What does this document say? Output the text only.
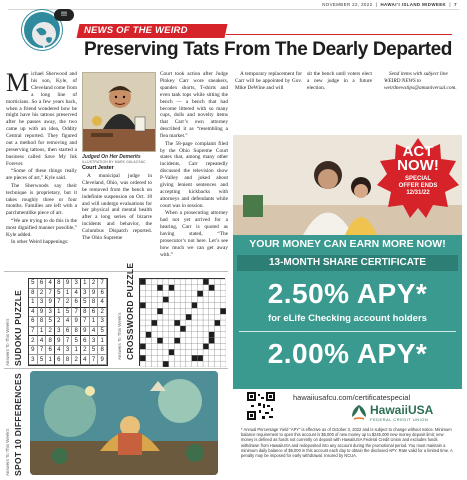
NOVEMBER 22, 2022  |  HAWAI‘I ISLAND MIDWEEK  |  7
!!!
NEWS OF THE WEIRD
Preserving Tats From The Dearly Departed

Michael Sherwood and his son, Kyle, of Cleveland come from a long line of morticians. So a few years back, when a friend wondered how he might have his tattoos preserved after he passes away, the two came up with an idea, Oddity Central reported. They figured out a method for removing and preserving tattoos, then started a business called Save My Ink Forever.

“Some of these things really are pieces of art,” Kyle said.

The Sherwoods say their technique is proprietary, but it takes roughly three or four months. Families are left with a parchmentlike piece of art.

“We are trying to do this in the most dignified manner possible,” Kyle added.

In other Weird happenings:

Judged On Her Demerits
ILLUSTRATION BY MARK GALACSAC
Court Jester

A municipal judge in Cleveland, Ohio, was ordered to be removed from the bench on indefinite suspension on Oct. 18 and will undergo evaluations for her physical and mental health after a long series of bizarre incidents and behavior, the Columbus Dispatch reported. The Ohio Supreme

Court took action after Judge Pinkey Carr wore sneakers, spandex shorts, T-shirts and even tank tops while sitting the bench — a bench that had become littered with so many cups, dolls and novelty items that Carr’s own attorney described it as “resembling a flea market.”

The 58-page complaint filed by the Ohio Supreme Court states that, among many other incidents, Carr repeatedly discussed the television show P-Valley and joked about giving lenient sentences and accepting kickbacks with attorneys and defendants while court was in session.

When a prosecuting attorney had not yet arrived for a hearing, Carr is quoted as having stated, “The prosecutor’s not here. Let’s see how much we can get away with.”

A temporary replacement for Carr will be appointed by Gov. Mike DeWine and will

sit the bench until voters elect a new judge in a future election.

Send items with subject line WEIRD NEWS to weirdnewstips@amuniversal.com.

Answers To This Week’s SUDOKU PUZZLE
5 6 4 8 9 3 1 2 7
8 2 7 5 1 4 3 9 6
1 3 9 7 2 6 5 8 4
4 9 3 1 5 7 8 6 2
6 8 5 2 4 9 7 1 3
7 1 2 3 6 8 9 4 5
2 4 8 9 7 5 6 3 1
9 7 6 4 3 1 2 5 8
3 5 1 6 8 2 4 7 9	Answers To This Week’s CROSSWORD PUZZLE
Answers To This Week’s SPOT 10 DIFFERENCES
ACT
NOW!
SPECIAL
OFFER ENDS
12/31/22
YOUR MONEY CAN EARN MORE NOW!
13-MONTH SHARE CERTIFICATE
2.50% APY*
for eLife Checking account holders
2.00% APY*
hawaiiusafcu.com/certificatespecial
HawaiiUSA
FEDERAL CREDIT UNION
* Annual Percentage Yield “APY” is effective as of October 3, 2022 and is subject to change without notice. Minimum balance requirement to open this account is $5,000 of new money up to $245,000 new money deposit limit; new money is defined as funds not currently on deposit with HawaiiUSA Federal Credit Union and excludes funds withdrawn from HawaiiUSA and redeposited into any account during the promotional period. You must maintain a minimum daily balance of $5,000 in this account each day to obtain the disclosed APY. Rate valid for a limited time. A penalty may be imposed for early withdrawal. Insured by NCUA.
